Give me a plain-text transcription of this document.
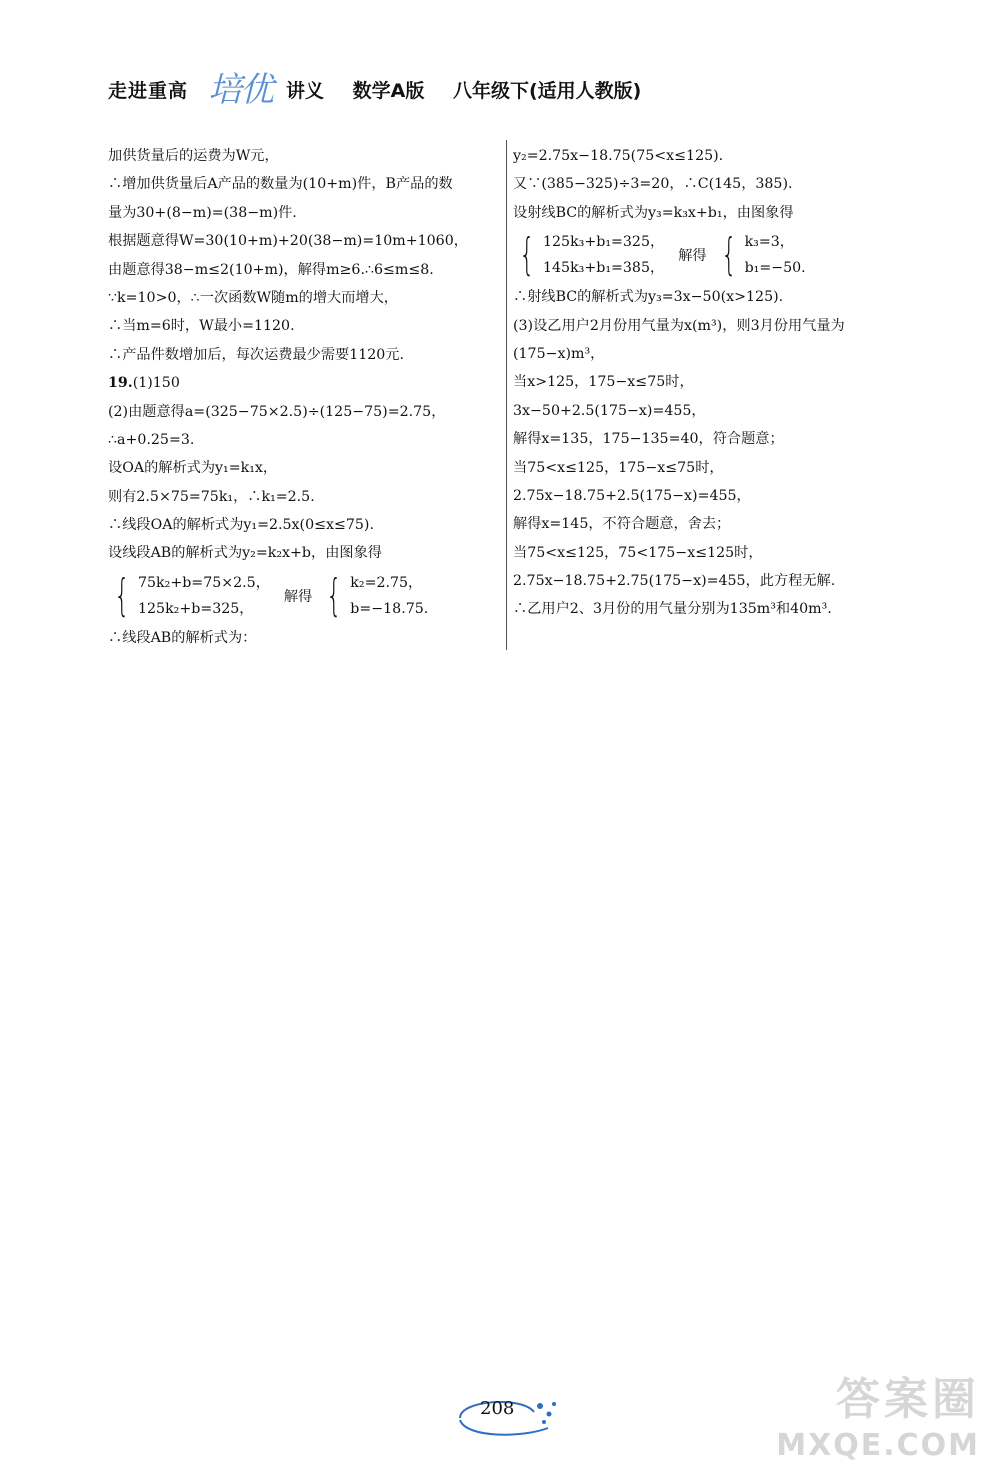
走进重高 培优 讲义 数学A版 八年级下(适用人教版)
加供货量后的运费为W元，
∴增加供货量后A产品的数量为(10+m)件，B产品的数
量为30+(8−m)=(38−m)件.
根据题意得W=30(10+m)+20(38−m)=10m+1060，
由题意得38−m≤2(10+m)，解得m≥6.∴6≤m≤8.
∵k=10>0，∴一次函数W随m的增大而增大，
∴当m=6时，W最小=1120.
∴产品件数增加后，每次运费最少需要1120元.
19.(1)150
(2)由题意得a=(325−75×2.5)÷(125−75)=2.75，
∴a+0.25=3.
设OA的解析式为y₁=k₁x，
则有2.5×75=75k₁，∴k₁=2.5.
∴线段OA的解析式为y₁=2.5x(0≤x≤75).
设线段AB的解析式为y₂=k₂x+b，由图象得
{ 75k₂+b=75×2.5，
125k₂+b=325，
解得 { k₂=2.75，
b=−18.75.
∴线段AB的解析式为：
y₂=2.75x−18.75(75<x≤125).
又∵(385−325)÷3=20，∴C(145，385).
设射线BC的解析式为y₃=k₃x+b₁，由图象得
{ 125k₃+b₁=325，
145k₃+b₁=385，
解得 { k₃=3，
b₁=−50.
∴射线BC的解析式为y₃=3x−50(x>125).
(3)设乙用户2月份用气量为x(m³)，则3月份用气量为
(175−x)m³，
当x>125，175−x≤75时，
3x−50+2.5(175−x)=455，
解得x=135，175−135=40，符合题意；
当75<x≤125，175−x≤75时，
2.75x−18.75+2.5(175−x)=455，
解得x=145，不符合题意，舍去；
当75<x≤125，75<175−x≤125时，
2.75x−18.75+2.75(175−x)=455，此方程无解.
∴乙用户2、3月份的用气量分别为135m³和40m³.
208	答案圈
MXQE.COM
